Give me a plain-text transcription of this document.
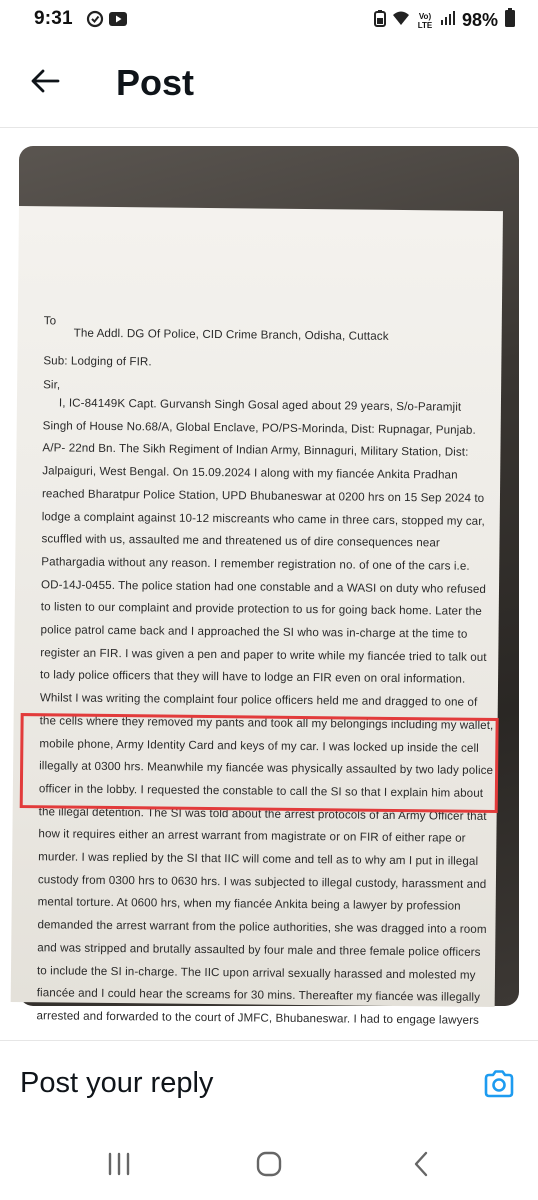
9:31	Vo) LTE 98%
Post
To
The Addl. DG Of Police, CID Crime Branch, Odisha, Cuttack
Sub: Lodging of FIR.
Sir,
I, IC-84149K Capt. Gurvansh Singh Gosal aged about 29 years, S/o-Paramjit
Singh of House No.68/A, Global Enclave, PO/PS-Morinda, Dist: Rupnagar, Punjab.
A/P- 22nd Bn. The Sikh Regiment of Indian Army, Binnaguri, Military Station, Dist:
Jalpaiguri, West Bengal. On 15.09.2024 I along with my fiancée Ankita Pradhan
reached Bharatpur Police Station, UPD Bhubaneswar at 0200 hrs on 15 Sep 2024 to
lodge a complaint against 10-12 miscreants who came in three cars, stopped my car,
scuffled with us, assaulted me and threatened us of dire consequences near
Pathargadia without any reason. I remember registration no. of one of the cars i.e.
OD-14J-0455. The police station had one constable and a WASI on duty who refused
to listen to our complaint and provide protection to us for going back home. Later the
police patrol came back and I approached the SI who was in-charge at the time to
register an FIR. I was given a pen and paper to write while my fiancée tried to talk out
to lady police officers that they will have to lodge an FIR even on oral information.
Whilst I was writing the complaint four police officers held me and dragged to one of
the cells where they removed my pants and took all my belongings including my wallet,
mobile phone, Army Identity Card and keys of my car. I was locked up inside the cell
illegally at 0300 hrs. Meanwhile my fiancée was physically assaulted by two lady police
officer in the lobby. I requested the constable to call the SI so that I explain him about
the illegal detention. The SI was told about the arrest protocols of an Army Officer that
how it requires either an arrest warrant from magistrate or on FIR of either rape or
murder. I was replied by the SI that IIC will come and tell as to why am I put in illegal
custody from 0300 hrs to 0630 hrs. I was subjected to illegal custody, harassment and
mental torture. At 0600 hrs, when my fiancée Ankita being a lawyer by profession
demanded the arrest warrant from the police authorities, she was dragged into a room
and was stripped and brutally assaulted by four male and three female police officers
to include the SI in-charge. The IIC upon arrival sexually harassed and molested my
fiancée and I could hear the screams for 30 mins. Thereafter my fiancée was illegally
arrested and forwarded to the court of JMFC, Bhubaneswar. I had to engage lawyers
Post your reply
